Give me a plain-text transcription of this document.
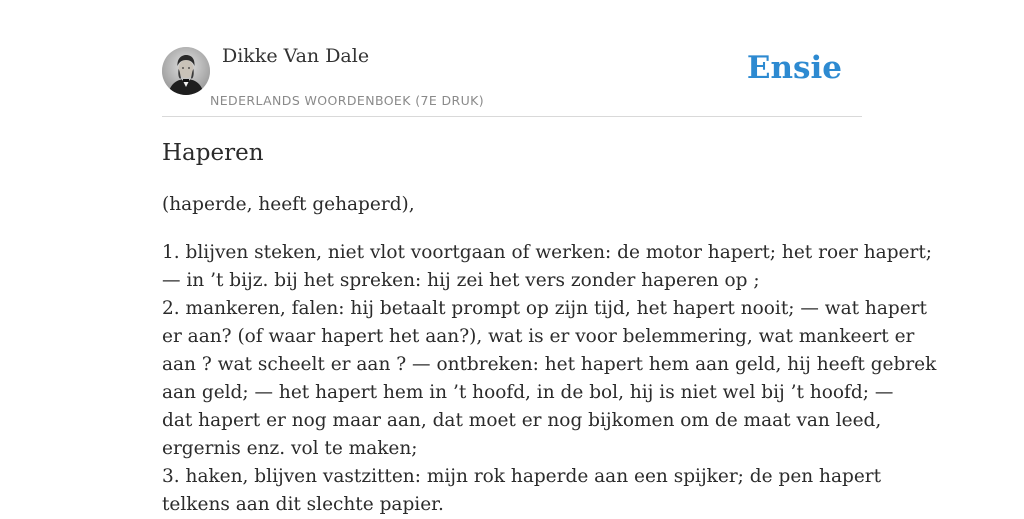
Dikke Van Dale
NEDERLANDS WOORDENBOEK (7E DRUK)
Ensie
Haperen

(haperde, heeft gehaperd),

1. blijven steken, niet vlot voortgaan of werken: de motor hapert; het roer hapert;
— in ’t bijz. bij het spreken: hij zei het vers zonder haperen op ;
2. mankeren, falen: hij betaalt prompt op zijn tijd, het hapert nooit; — wat hapert
er aan? (of waar hapert het aan?), wat is er voor belemmering, wat mankeert er
aan ? wat scheelt er aan ? — ontbreken: het hapert hem aan geld, hij heeft gebrek
aan geld; — het hapert hem in ’t hoofd, in de bol, hij is niet wel bij ’t hoofd; —
dat hapert er nog maar aan, dat moet er nog bijkomen om de maat van leed,
ergernis enz. vol te maken;
3. haken, blijven vastzitten: mijn rok haperde aan een spijker; de pen hapert
telkens aan dit slechte papier.
